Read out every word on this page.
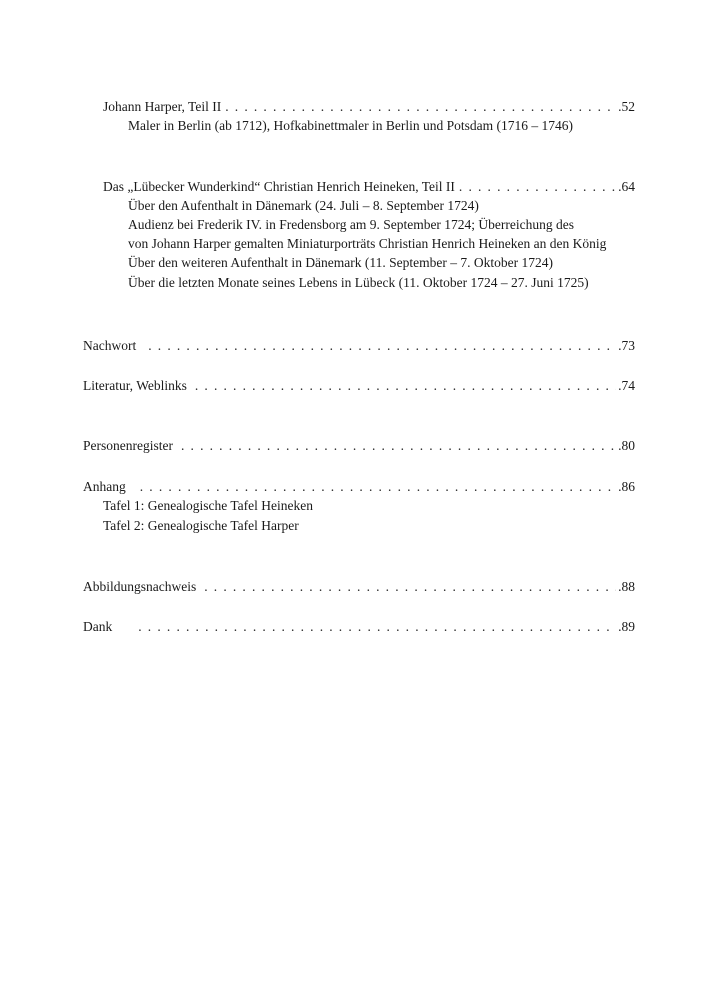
Johann Harper, Teil II . . .	.52
Maler in Berlin (ab 1712), Hofkabinettmaler in Berlin und Potsdam (1716 – 1746)
Das „Lübecker Wunderkind“ Christian Henrich Heineken, Teil II . . .	.64
Über den Aufenthalt in Dänemark (24. Juli – 8. September 1724)
Audienz bei Frederik IV. in Fredensborg am 9. September 1724; Überreichung des
von Johann Harper gemalten Miniaturporträts Christian Henrich Heineken an den König
Über den weiteren Aufenthalt in Dänemark (11. September – 7. Oktober 1724)
Über die letzten Monate seines Lebens in Lübeck (11. Oktober 1724 – 27. Juni 1725)
Nachwort . . .	.73
Literatur, Weblinks . . .	.74
Personenregister . . .	.80
Anhang . . .	.86
Tafel 1: Genealogische Tafel Heineken
Tafel 2: Genealogische Tafel Harper
Abbildungsnachweis . . .	.88
Dank . . .	.89
